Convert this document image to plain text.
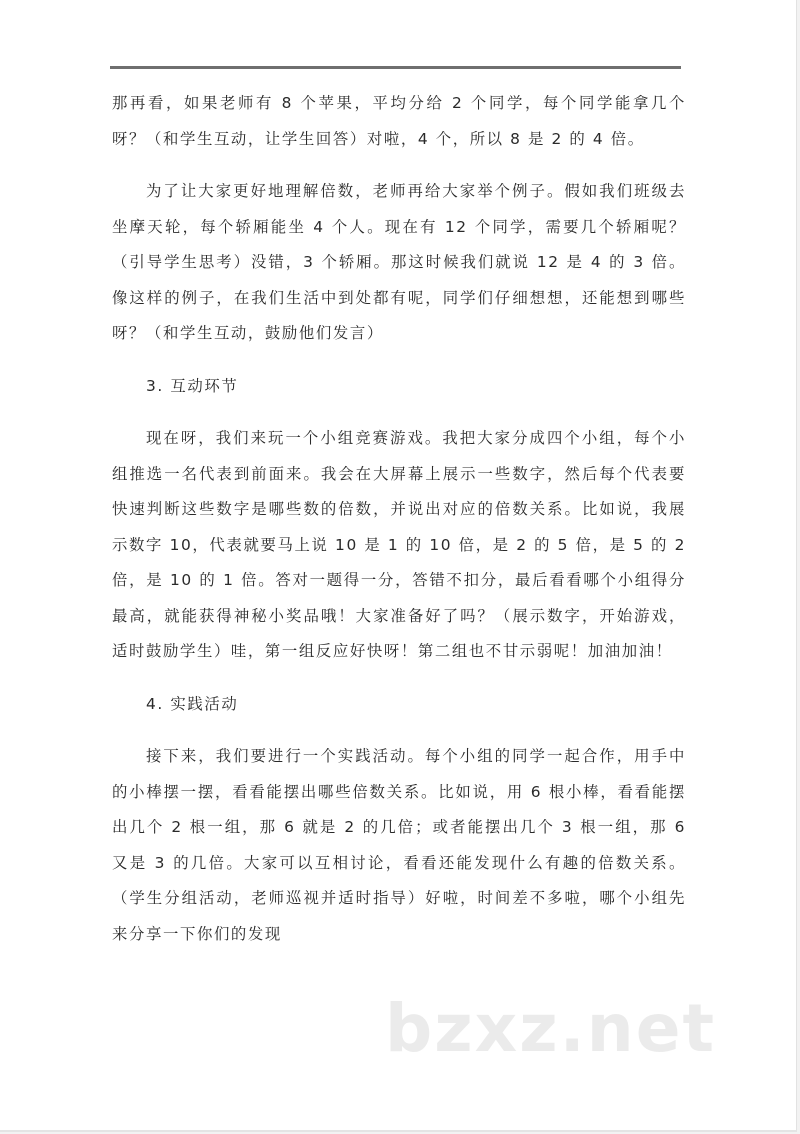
那再看，如果老师有 8 个苹果，平均分给 2 个同学，每个同学能拿几个呀？（和学生互动，让学生回答）对啦，4 个，所以 8 是 2 的 4 倍。

为了让大家更好地理解倍数，老师再给大家举个例子。假如我们班级去坐摩天轮，每个轿厢能坐 4 个人。现在有 12 个同学，需要几个轿厢呢？（引导学生思考）没错，3 个轿厢。那这时候我们就说 12 是 4 的 3 倍。像这样的例子，在我们生活中到处都有呢，同学们仔细想想，还能想到哪些呀？（和学生互动，鼓励他们发言）

3. 互动环节

现在呀，我们来玩一个小组竞赛游戏。我把大家分成四个小组，每个小组推选一名代表到前面来。我会在大屏幕上展示一些数字，然后每个代表要快速判断这些数字是哪些数的倍数，并说出对应的倍数关系。比如说，我展示数字 10，代表就要马上说 10 是 1 的 10 倍，是 2 的 5 倍，是 5 的 2 倍，是 10 的 1 倍。答对一题得一分，答错不扣分，最后看看哪个小组得分最高，就能获得神秘小奖品哦！大家准备好了吗？（展示数字，开始游戏，适时鼓励学生）哇，第一组反应好快呀！第二组也不甘示弱呢！加油加油！

4. 实践活动

接下来，我们要进行一个实践活动。每个小组的同学一起合作，用手中的小棒摆一摆，看看能摆出哪些倍数关系。比如说，用 6 根小棒，看看能摆出几个 2 根一组，那 6 就是 2 的几倍；或者能摆出几个 3 根一组，那 6 又是 3 的几倍。大家可以互相讨论，看看还能发现什么有趣的倍数关系。（学生分组活动，老师巡视并适时指导）好啦，时间差不多啦，哪个小组先来分享一下你们的发现

bzxz.net
